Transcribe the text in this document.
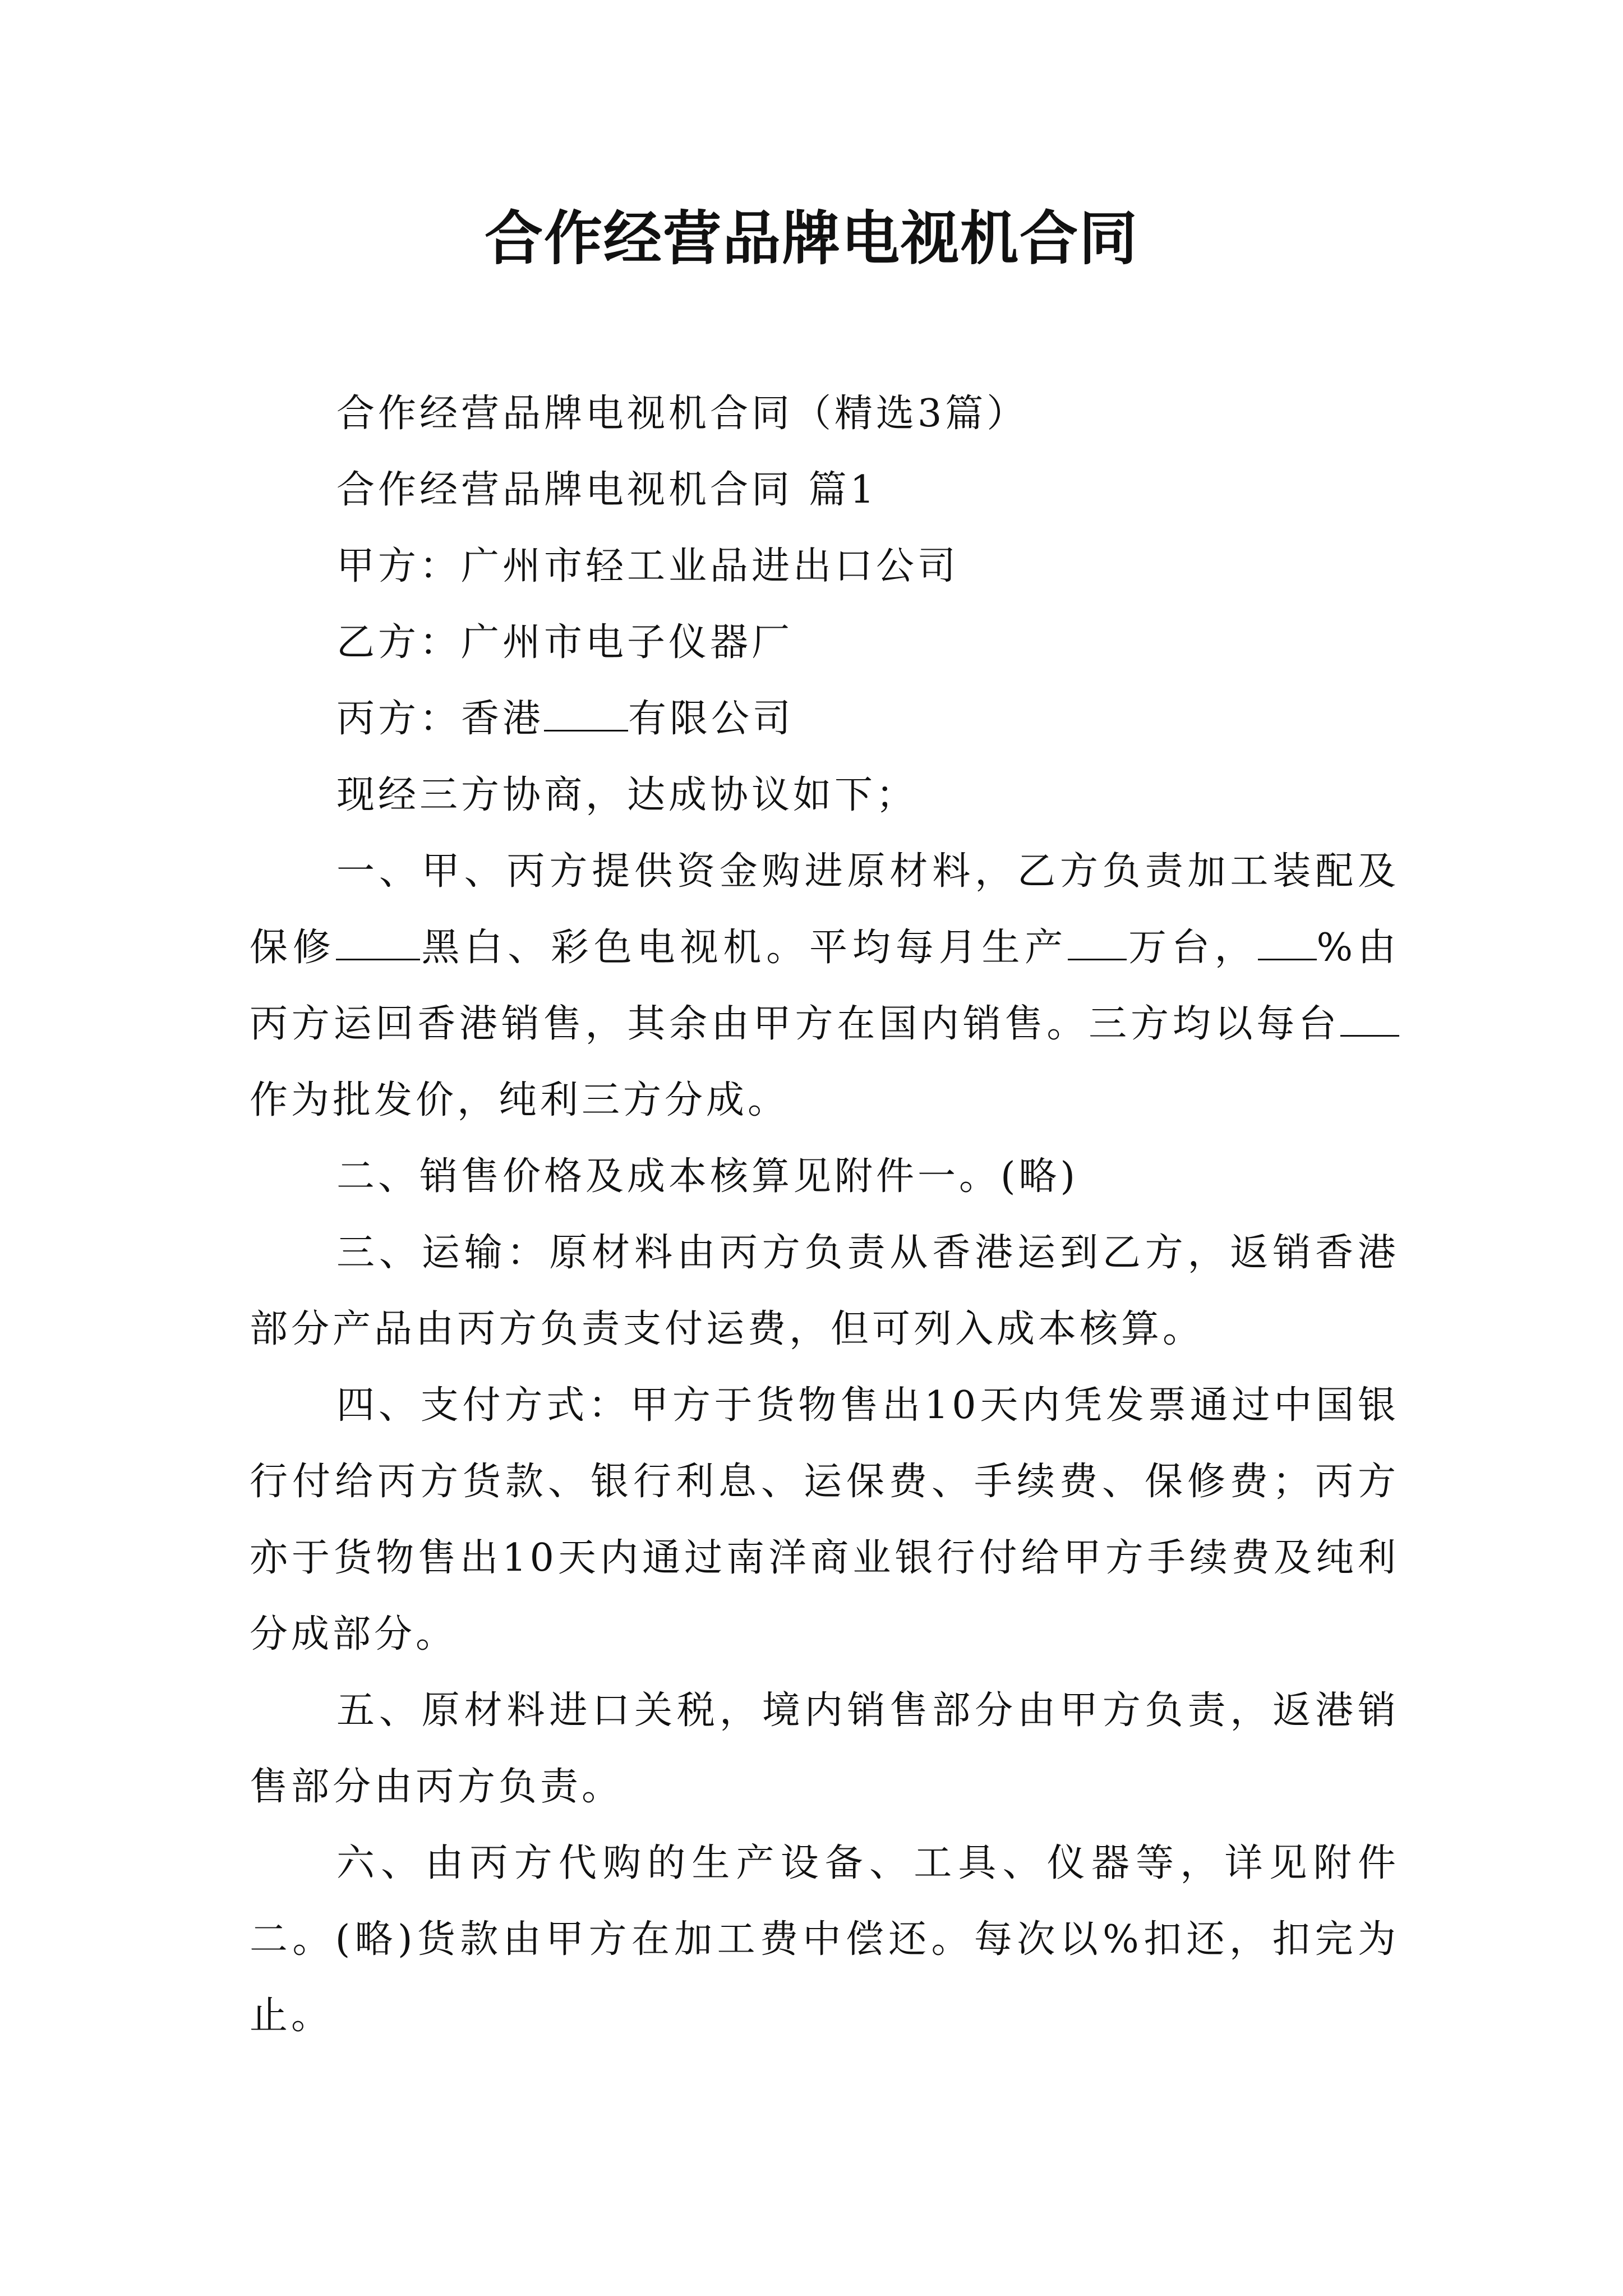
合作经营品牌电视机合同

合作经营品牌电视机合同（精选3篇）

合作经营品牌电视机合同 篇1

甲方：广州市轻工业品进出口公司

乙方：广州市电子仪器厂

丙方：香港 有限公司

现经三方协商，达成协议如下；

一、甲、丙方提供资金购进原材料，乙方负责加工装配及保修 黑白、彩色电视机。平均每月生产 万台， %由丙方运回香港销售，其余由甲方在国内销售。三方均以每台作为批发价，纯利三方分成。

二、销售价格及成本核算见附件一。(略)

三、运输：原材料由丙方负责从香港运到乙方，返销香港部分产品由丙方负责支付运费，但可列入成本核算。

四、支付方式：甲方于货物售出10天内凭发票通过中国银行付给丙方货款、银行利息、运保费、手续费、保修费；丙方亦于货物售出10天内通过南洋商业银行付给甲方手续费及纯利分成部分。

五、原材料进口关税，境内销售部分由甲方负责，返港销售部分由丙方负责。

六、由丙方代购的生产设备、工具、仪器等，详见附件二。(略)货款由甲方在加工费中偿还。每次以%扣还，扣完为止。
